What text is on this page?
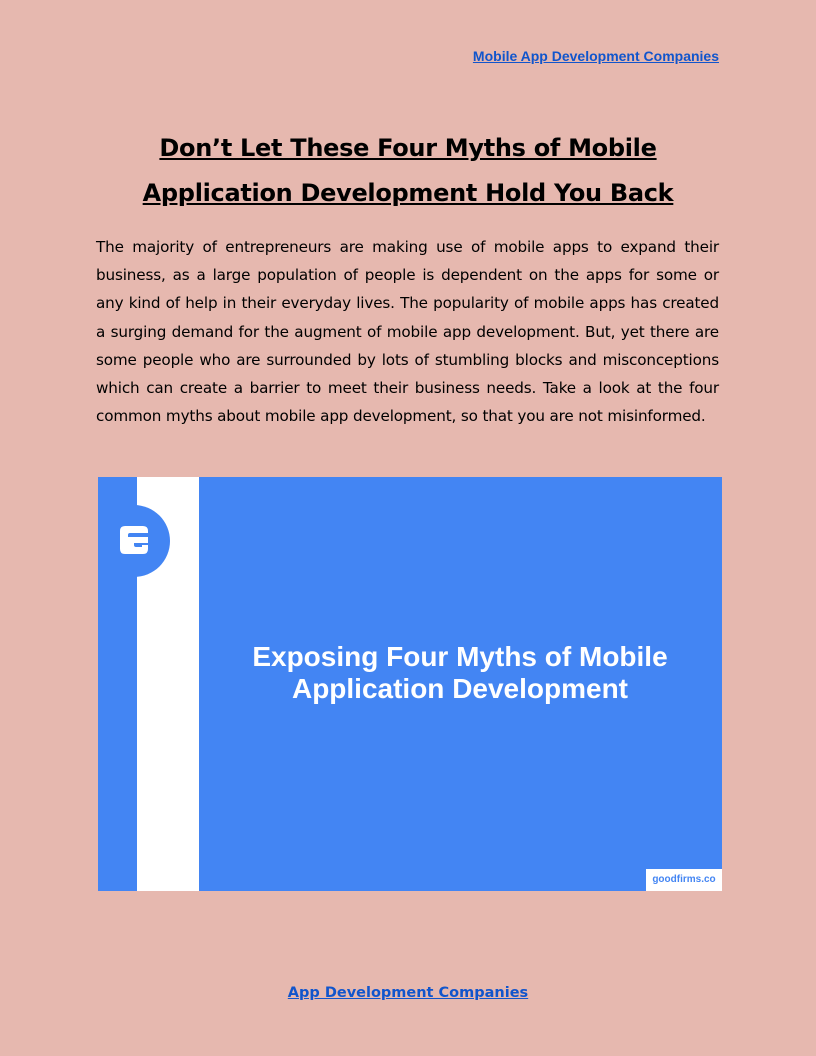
Mobile App Development Companies
Don’t Let These Four Myths of Mobile Application Development Hold You Back

The majority of entrepreneurs are making use of mobile apps to expand their business, as a large population of people is dependent on the apps for some or any kind of help in their everyday lives. The popularity of mobile apps has created a surging demand for the augment of mobile app development. But, yet there are some people who are surrounded by lots of stumbling blocks and misconceptions which can create a barrier to meet their business needs. Take a look at the four common myths about mobile app development, so that you are not misinformed.

Exposing Four Myths of Mobile
Application Development
goodfirms.co
App Development Companies
